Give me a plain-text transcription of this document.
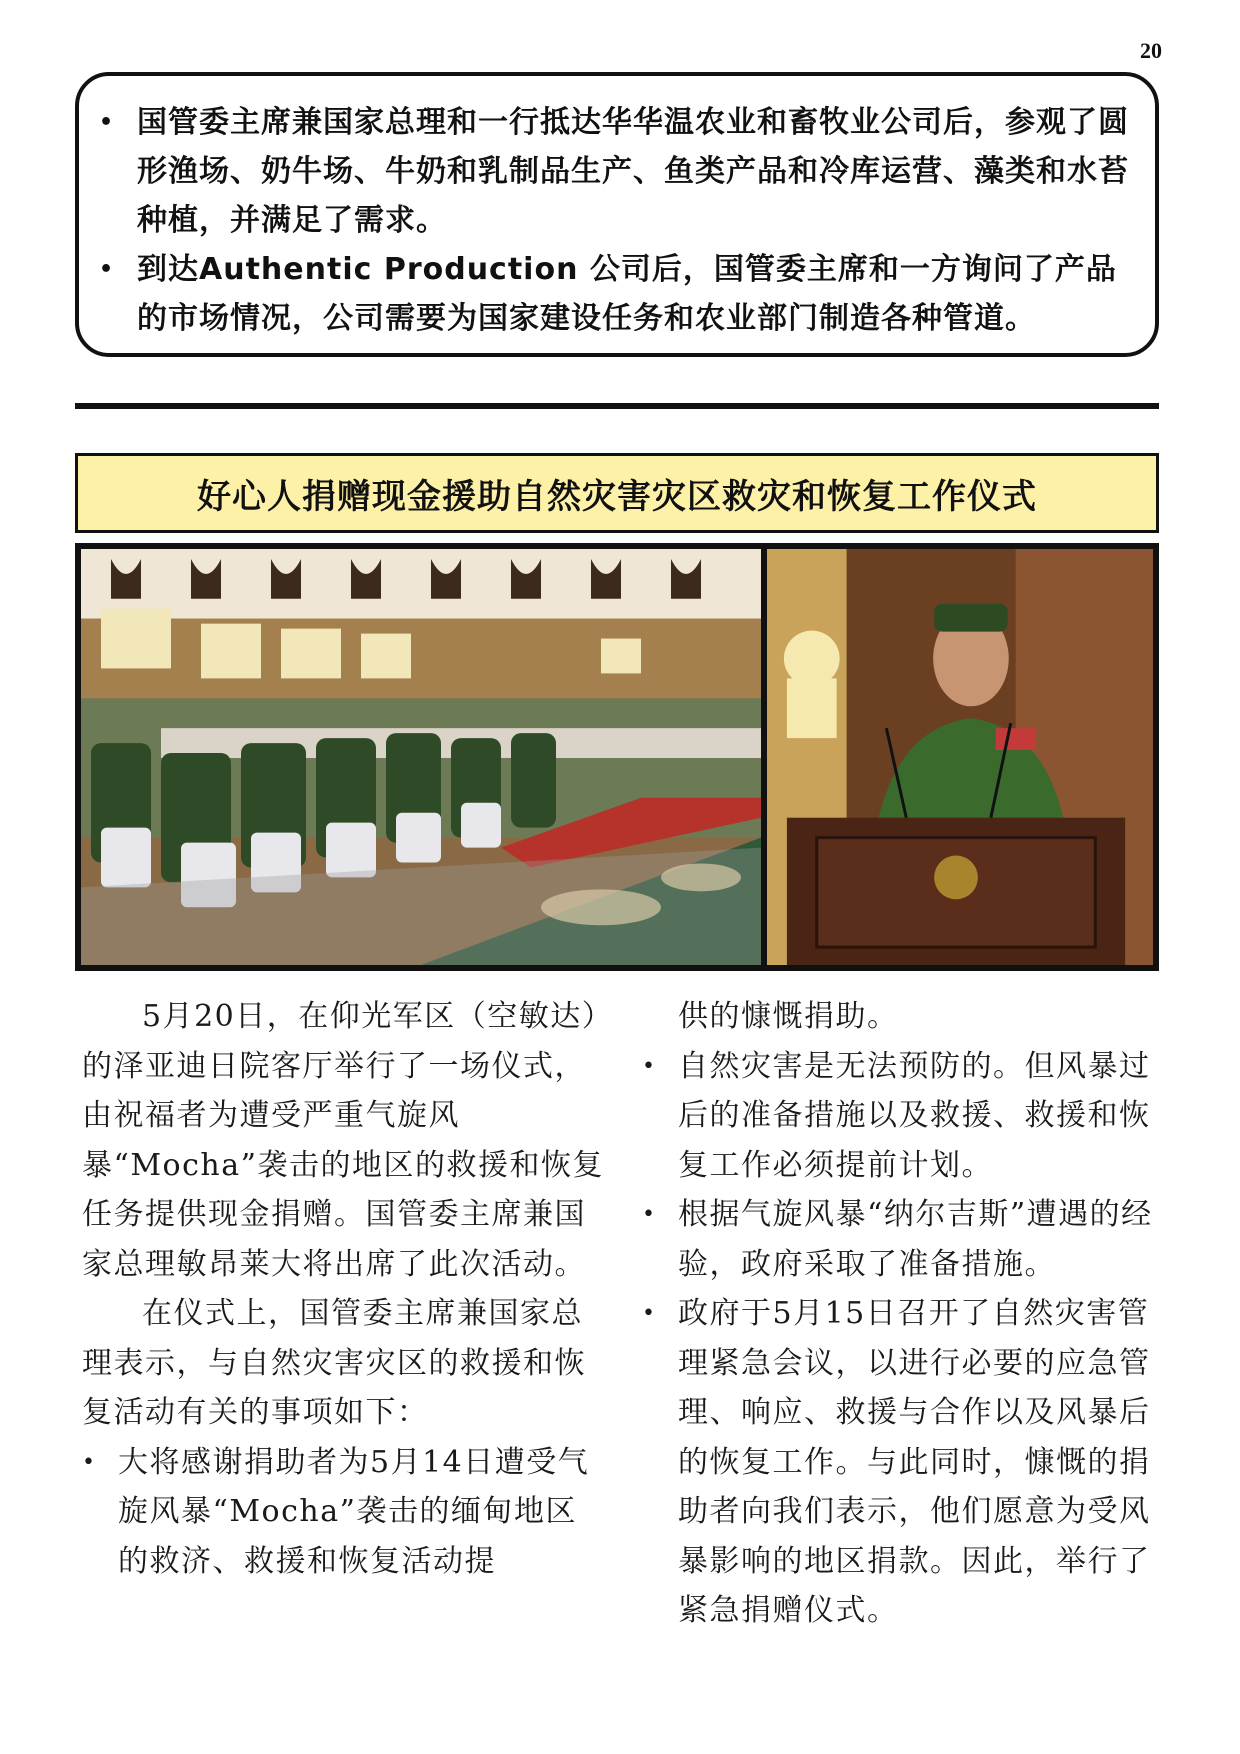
20
• 国管委主席兼国家总理和一行抵达华华温农业和畜牧业公司后，参观了圆形渔场、奶牛场、牛奶和乳制品生产、鱼类产品和冷库运营、藻类和水苔种植，并满足了需求。
• 到达Authentic Production 公司后，国管委主席和一方询问了产品的市场情况，公司需要为国家建设任务和农业部门制造各种管道。
好心人捐赠现金援助自然灾害灾区救灾和恢复工作仪式

5月20日，在仰光军区（空敏达）的泽亚迪日院客厅举行了一场仪式，由祝福者为遭受严重气旋风暴“Mocha”袭击的地区的救援和恢复任务提供现金捐赠。国管委主席兼国家总理敏昂莱大将出席了此次活动。

在仪式上，国管委主席兼国家总理表示，与自然灾害灾区的救援和恢复活动有关的事项如下：

• 大将感谢捐助者为5月14日遭受气旋风暴“Mocha”袭击的缅甸地区的救济、救援和恢复活动提

供的慷慨捐助。

• 自然灾害是无法预防的。但风暴过后的准备措施以及救援、救援和恢复工作必须提前计划。
• 根据气旋风暴“纳尔吉斯”遭遇的经验，政府采取了准备措施。
• 政府于5月15日召开了自然灾害管理紧急会议，以进行必要的应急管理、响应、救援与合作以及风暴后的恢复工作。与此同时，慷慨的捐助者向我们表示，他们愿意为受风暴影响的地区捐款。因此，举行了紧急捐赠仪式。
